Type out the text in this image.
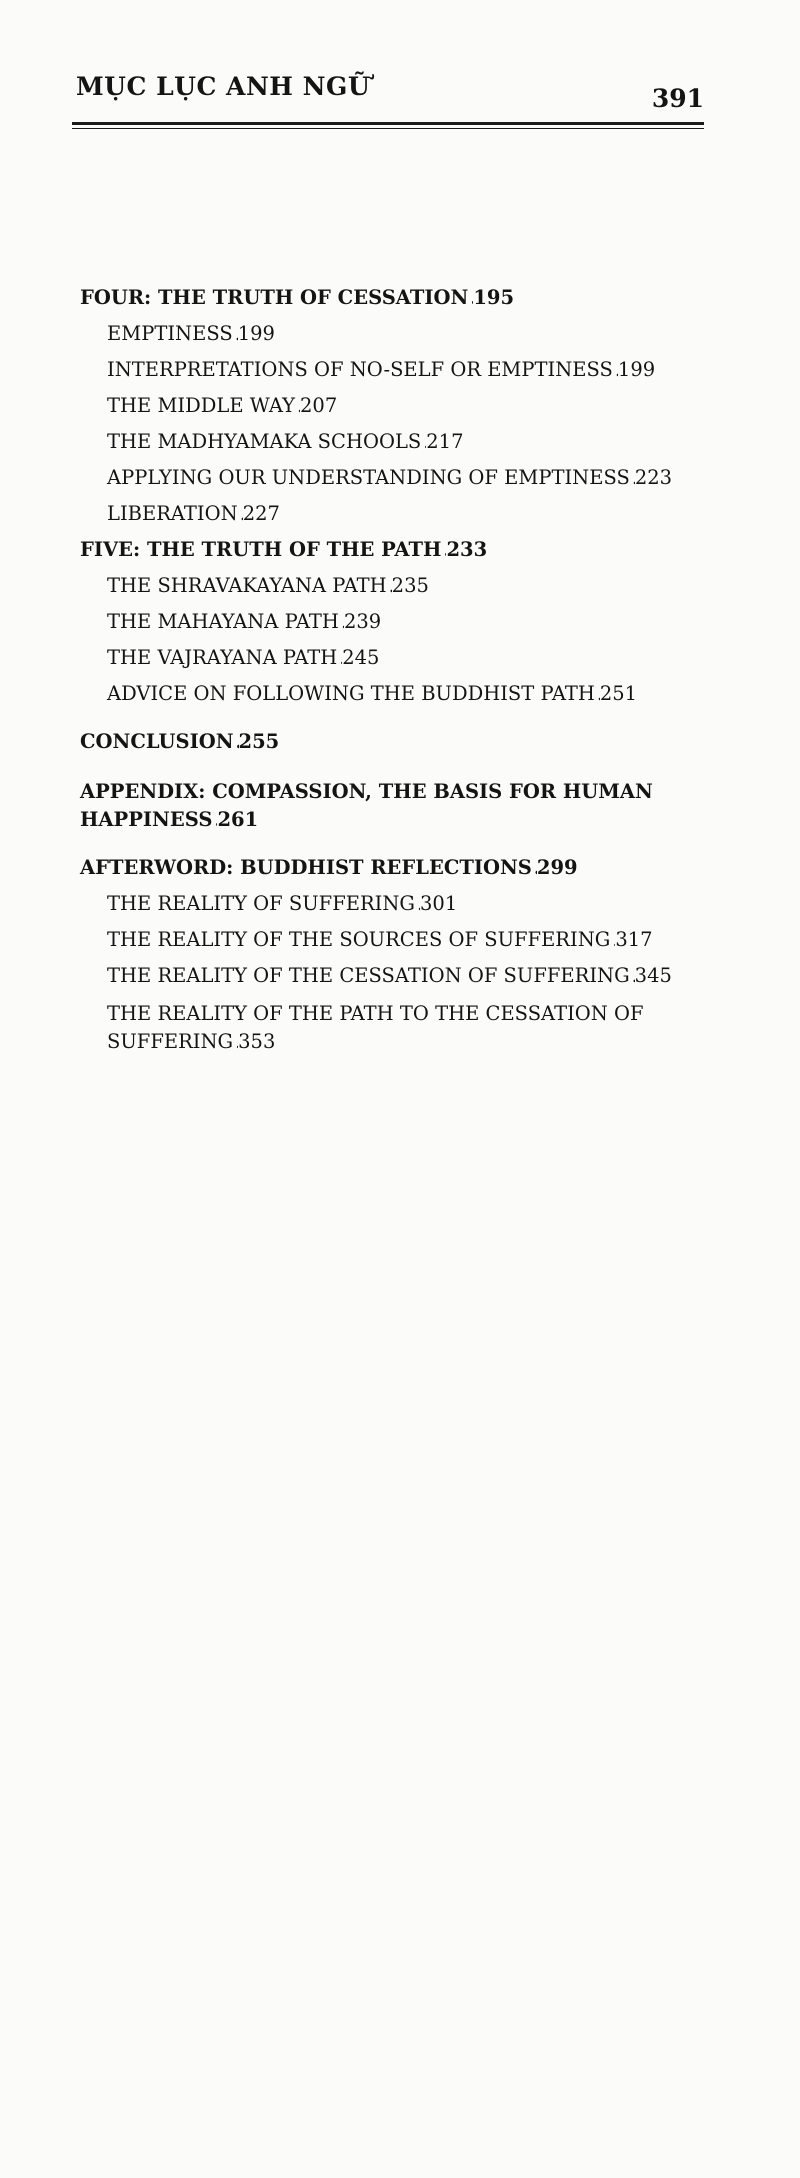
MỤC LỤC ANH NGỮ	391
FOUR: THE TRUTH OF CESSATION ..... 195
EMPTINESS ..... 199
INTERPRETATIONS OF NO-SELF OR EMPTINESS ..... 199
THE MIDDLE WAY ..... 207
THE MADHYAMAKA SCHOOLS ..... 217
APPLYING OUR UNDERSTANDING OF EMPTINESS ..... 223
LIBERATION ..... 227
FIVE: THE TRUTH OF THE PATH ..... 233
THE SHRAVAKAYANA PATH ..... 235
THE MAHAYANA PATH ..... 239
THE VAJRAYANA PATH ..... 245
ADVICE ON FOLLOWING THE BUDDHIST PATH ..... 251
CONCLUSION ..... 255
APPENDIX: COMPASSION, THE BASIS FOR HUMAN
HAPPINESS ..... 261
AFTERWORD: BUDDHIST REFLECTIONS ..... 299
THE REALITY OF SUFFERING ..... 301
THE REALITY OF THE SOURCES OF SUFFERING ..... 317
THE REALITY OF THE CESSATION OF SUFFERING ..... 345
THE REALITY OF THE PATH TO THE CESSATION OF
SUFFERING ..... 353
